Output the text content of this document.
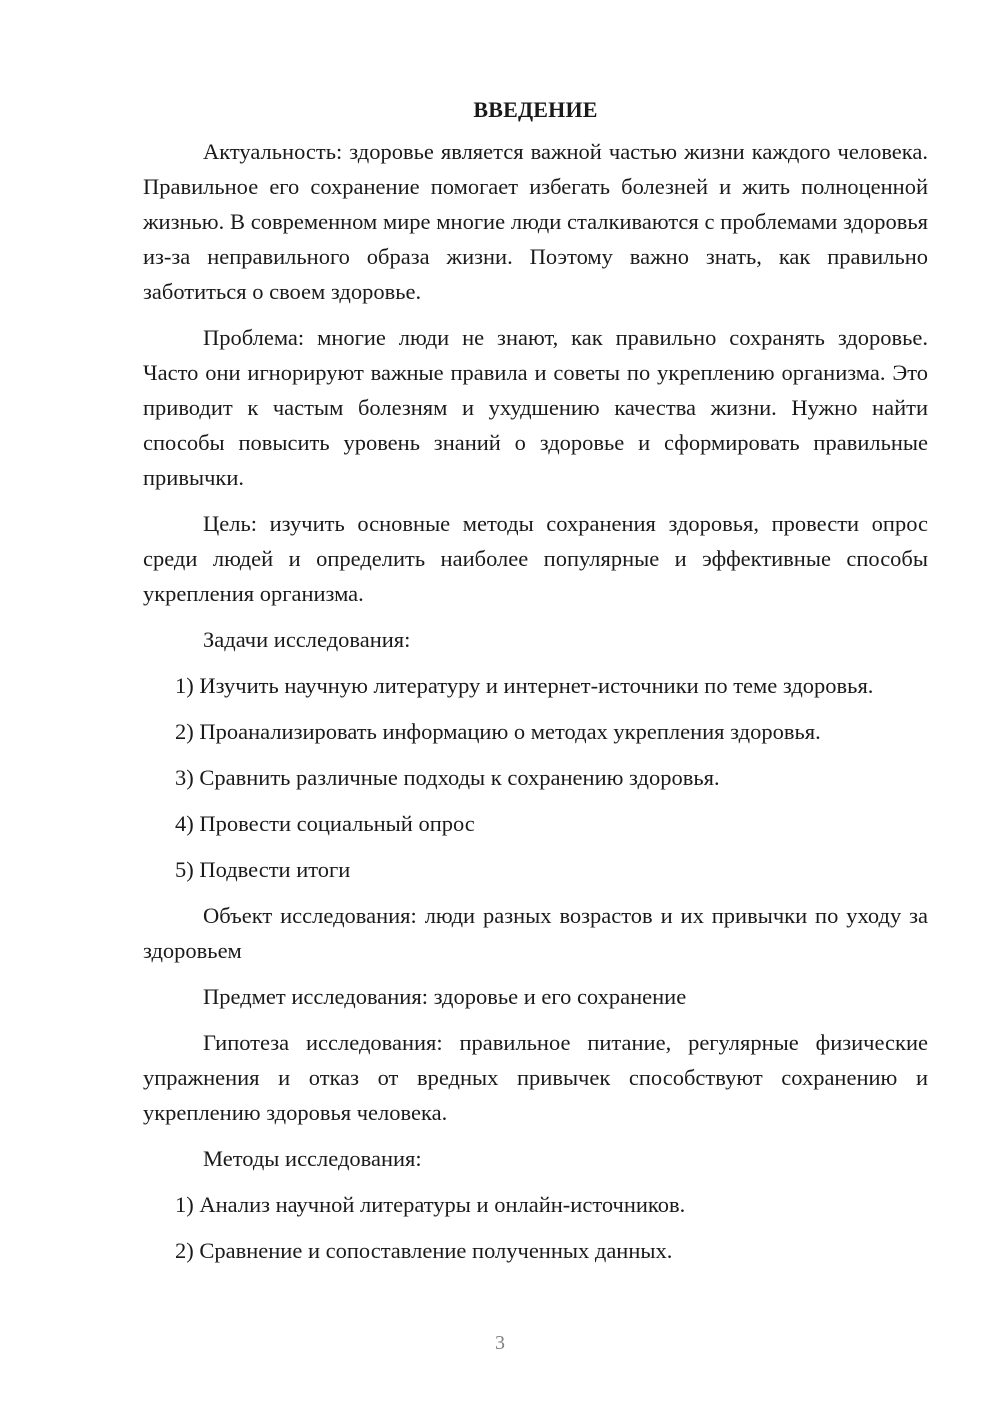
ВВЕДЕНИЕ

Актуальность: здоровье является важной частью жизни каждого человека. Правильное его сохранение помогает избегать болезней и жить полноценной жизнью. В современном мире многие люди сталкиваются с проблемами здоровья из-за неправильного образа жизни. Поэтому важно знать, как правильно заботиться о своем здоровье.

Проблема: многие люди не знают, как правильно сохранять здоровье. Часто они игнорируют важные правила и советы по укреплению организма. Это приводит к частым болезням и ухудшению качества жизни. Нужно найти способы повысить уровень знаний о здоровье и сформировать правильные привычки.

Цель: изучить основные методы сохранения здоровья, провести опрос среди людей и определить наиболее популярные и эффективные способы укрепления организма.

Задачи исследования:

1) Изучить научную литературу и интернет-источники по теме здоровья.

2) Проанализировать информацию о методах укрепления здоровья.

3) Сравнить различные подходы к сохранению здоровья.

4) Провести социальный опрос

5) Подвести итоги

Объект исследования: люди разных возрастов и их привычки по уходу за здоровьем

Предмет исследования: здоровье и его сохранение

Гипотеза исследования: правильное питание, регулярные физические упражнения и отказ от вредных привычек способствуют сохранению и укреплению здоровья человека.

Методы исследования:

1) Анализ научной литературы и онлайн-источников.

2) Сравнение и сопоставление полученных данных.

3
